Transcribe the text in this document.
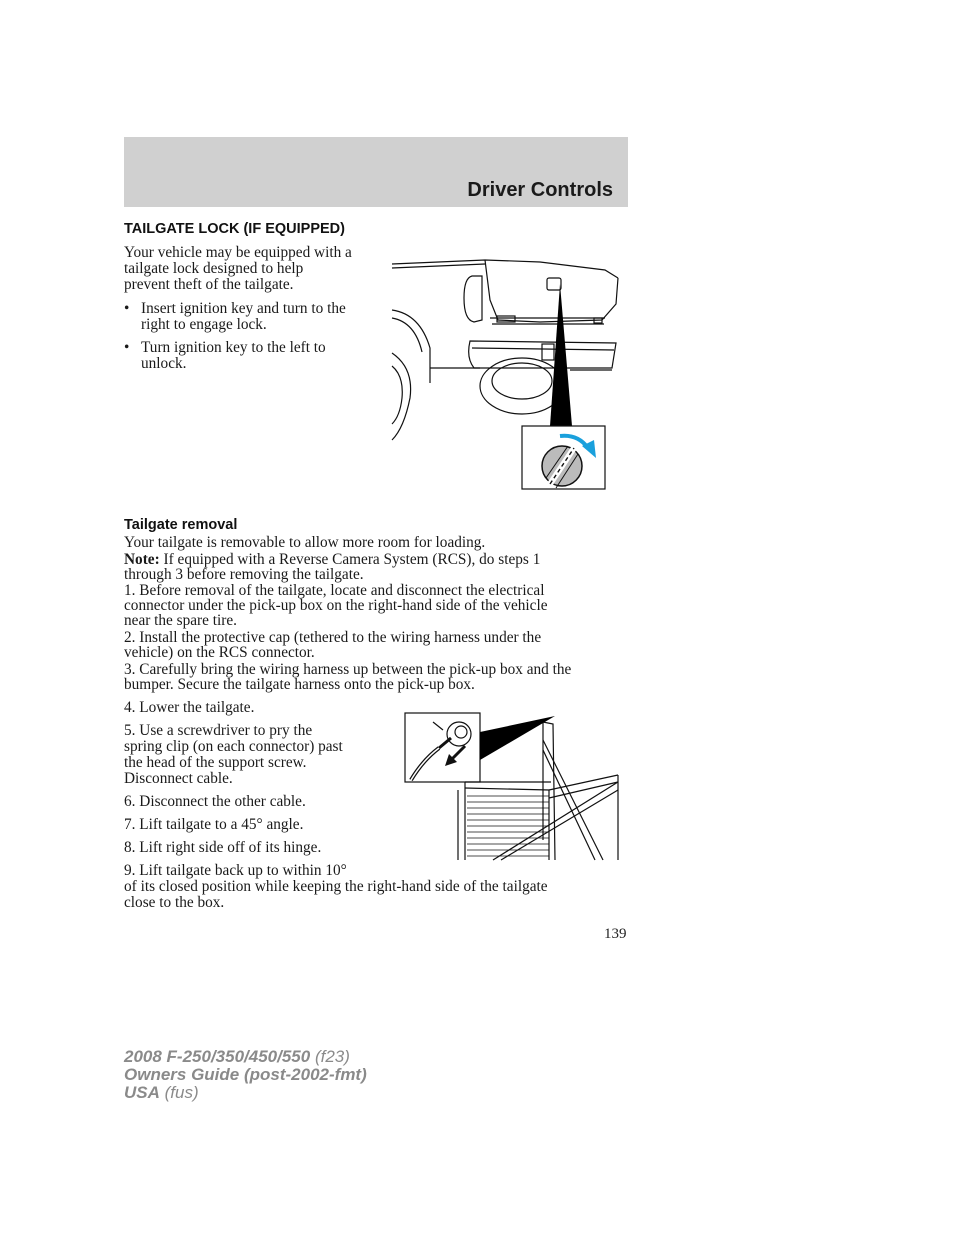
Driver Controls
TAILGATE LOCK (IF EQUIPPED)

Your vehicle may be equipped with a

tailgate lock designed to help

prevent theft of the tailgate.

• Insert ignition key and turn to the

right to engage lock.

• Turn ignition key to the left to

unlock.

Tailgate removal

Your tailgate is removable to allow more room for loading.

Note: If equipped with a Reverse Camera System (RCS), do steps 1

through 3 before removing the tailgate.

1. Before removal of the tailgate, locate and disconnect the electrical

connector under the pick-up box on the right-hand side of the vehicle

near the spare tire.

2. Install the protective cap (tethered to the wiring harness under the

vehicle) on the RCS connector.

3. Carefully bring the wiring harness up between the pick-up box and the

bumper. Secure the tailgate harness onto the pick-up box.

4. Lower the tailgate.

5. Use a screwdriver to pry the

spring clip (on each connector) past

the head of the support screw.

Disconnect cable.

6. Disconnect the other cable.

7. Lift tailgate to a 45° angle.

8. Lift right side off of its hinge.

9. Lift tailgate back up to within 10°

of its closed position while keeping the right-hand side of the tailgate

close to the box.

139
2008 F-250/350/450/550 (f23)
Owners Guide (post-2002-fmt)
USA (fus)
